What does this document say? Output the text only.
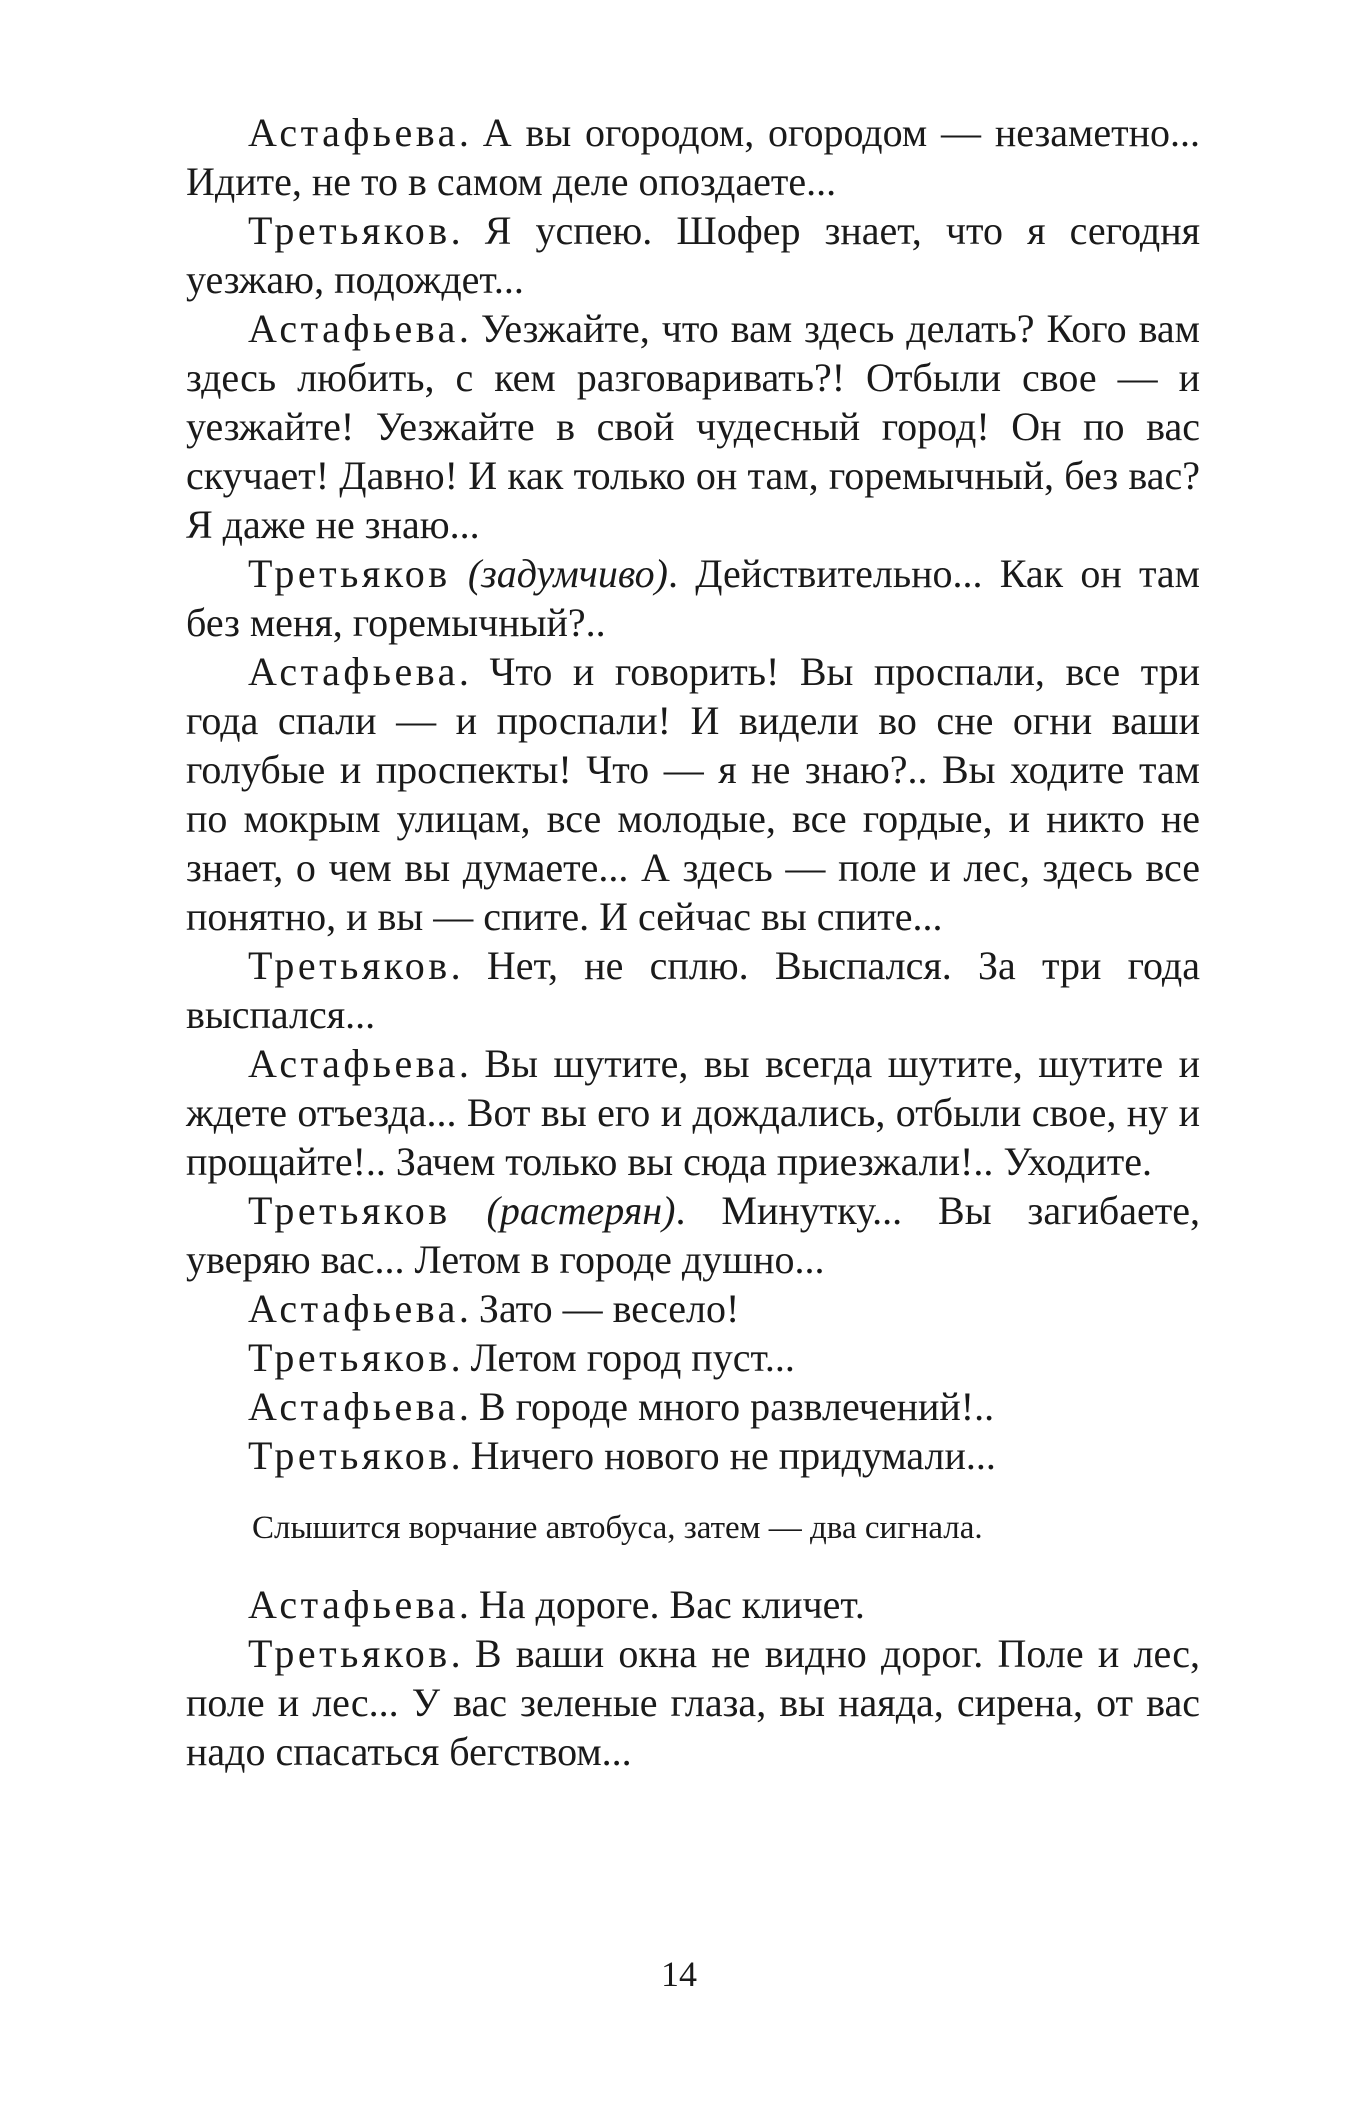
Астафьева. А вы огородом, огородом — незаметно... Идите, не то в самом деле опоздаете...

Третьяков. Я успею. Шофер знает, что я сегодня уезжаю, подождет...

Астафьева. Уезжайте, что вам здесь делать? Кого вам здесь любить, с кем разговаривать?! Отбыли свое — и уезжайте! Уезжайте в свой чудесный город! Он по вас скучает! Давно! И как только он там, горемычный, без вас? Я даже не знаю...

Третьяков (задумчиво). Действительно... Как он там без меня, горемычный?..

Астафьева. Что и говорить! Вы проспали, все три года спали — и проспали! И видели во сне огни ваши голубые и проспекты! Что — я не знаю?.. Вы ходите там по мокрым улицам, все молодые, все гордые, и никто не знает, о чем вы думаете... А здесь — поле и лес, здесь все понятно, и вы — спите. И сейчас вы спите...

Третьяков. Нет, не сплю. Выспался. За три года выспался...

Астафьева. Вы шутите, вы всегда шутите, шутите и ждете отъезда... Вот вы его и дождались, отбыли свое, ну и прощайте!.. Зачем только вы сюда приезжали!.. Уходите.

Третьяков (растерян). Минутку... Вы загибаете, уверяю вас... Летом в городе душно...

Астафьева. Зато — весело!

Третьяков. Летом город пуст...

Астафьева. В городе много развлечений!..

Третьяков. Ничего нового не придумали...

Слышится ворчание автобуса, затем — два сигнала.

Астафьева. На дороге. Вас кличет.

Третьяков. В ваши окна не видно дорог. Поле и лес, поле и лес... У вас зеленые глаза, вы наяда, сирена, от вас надо спасаться бегством...

14
